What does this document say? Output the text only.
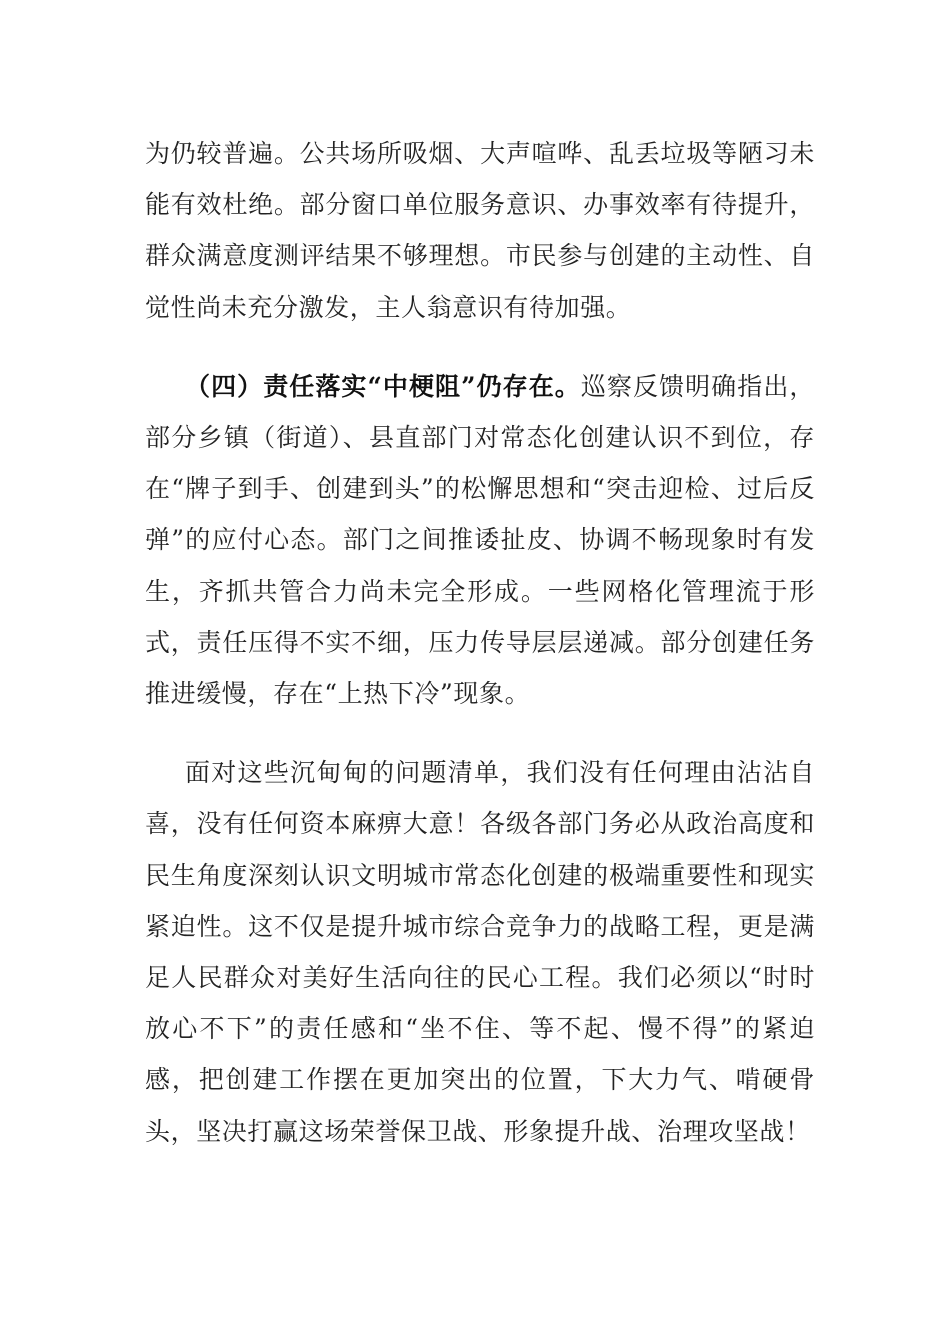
为仍较普遍。公共场所吸烟、大声喧哗、乱丢垃圾等陋习未能有效杜绝。部分窗口单位服务意识、办事效率有待提升，群众满意度测评结果不够理想。市民参与创建的主动性、自觉性尚未充分激发，主人翁意识有待加强。

（四）责任落实“中梗阻”仍存在。巡察反馈明确指出，部分乡镇（街道）、县直部门对常态化创建认识不到位，存在“牌子到手、创建到头”的松懈思想和“突击迎检、过后反弹”的应付心态。部门之间推诿扯皮、协调不畅现象时有发生，齐抓共管合力尚未完全形成。一些网格化管理流于形式，责任压得不实不细，压力传导层层递减。部分创建任务推进缓慢，存在“上热下冷”现象。

面对这些沉甸甸的问题清单，我们没有任何理由沾沾自喜，没有任何资本麻痹大意！各级各部门务必从政治高度和民生角度深刻认识文明城市常态化创建的极端重要性和现实紧迫性。这不仅是提升城市综合竞争力的战略工程，更是满足人民群众对美好生活向往的民心工程。我们必须以“时时放心不下”的责任感和“坐不住、等不起、慢不得”的紧迫感，把创建工作摆在更加突出的位置，下大力气、啃硬骨头，坚决打赢这场荣誉保卫战、形象提升战、治理攻坚战！
